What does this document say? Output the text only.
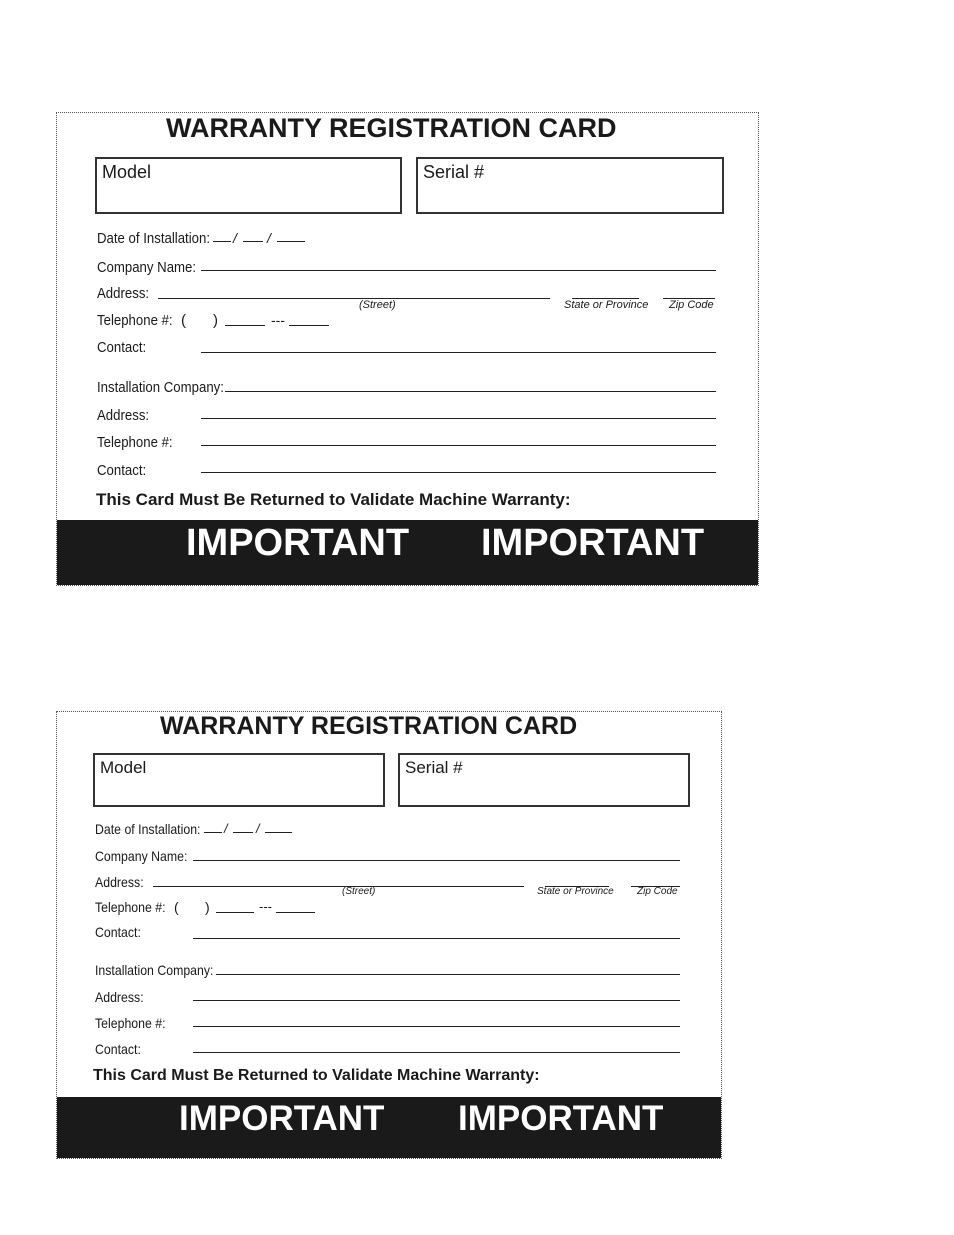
WARRANTY REGISTRATION CARD
Model	Serial #
Date of Installation: / /
Company Name:
Address:
(Street)	State or Province Zip Code
Telephone #: ( )	---
Contact:
Installation Company:
Address:
Telephone #:
Contact:
This Card Must Be Returned to Validate Machine Warranty:
IMPORTANT IMPORTANT
WARRANTY REGISTRATION CARD
Model	Serial #
Date of Installation: / /
Company Name:
Address:
(Street)	State or Province Zip Code
Telephone #: ( )	---
Contact:
Installation Company:
Address:
Telephone #:
Contact:
This Card Must Be Returned to Validate Machine Warranty:
IMPORTANT IMPORTANT
